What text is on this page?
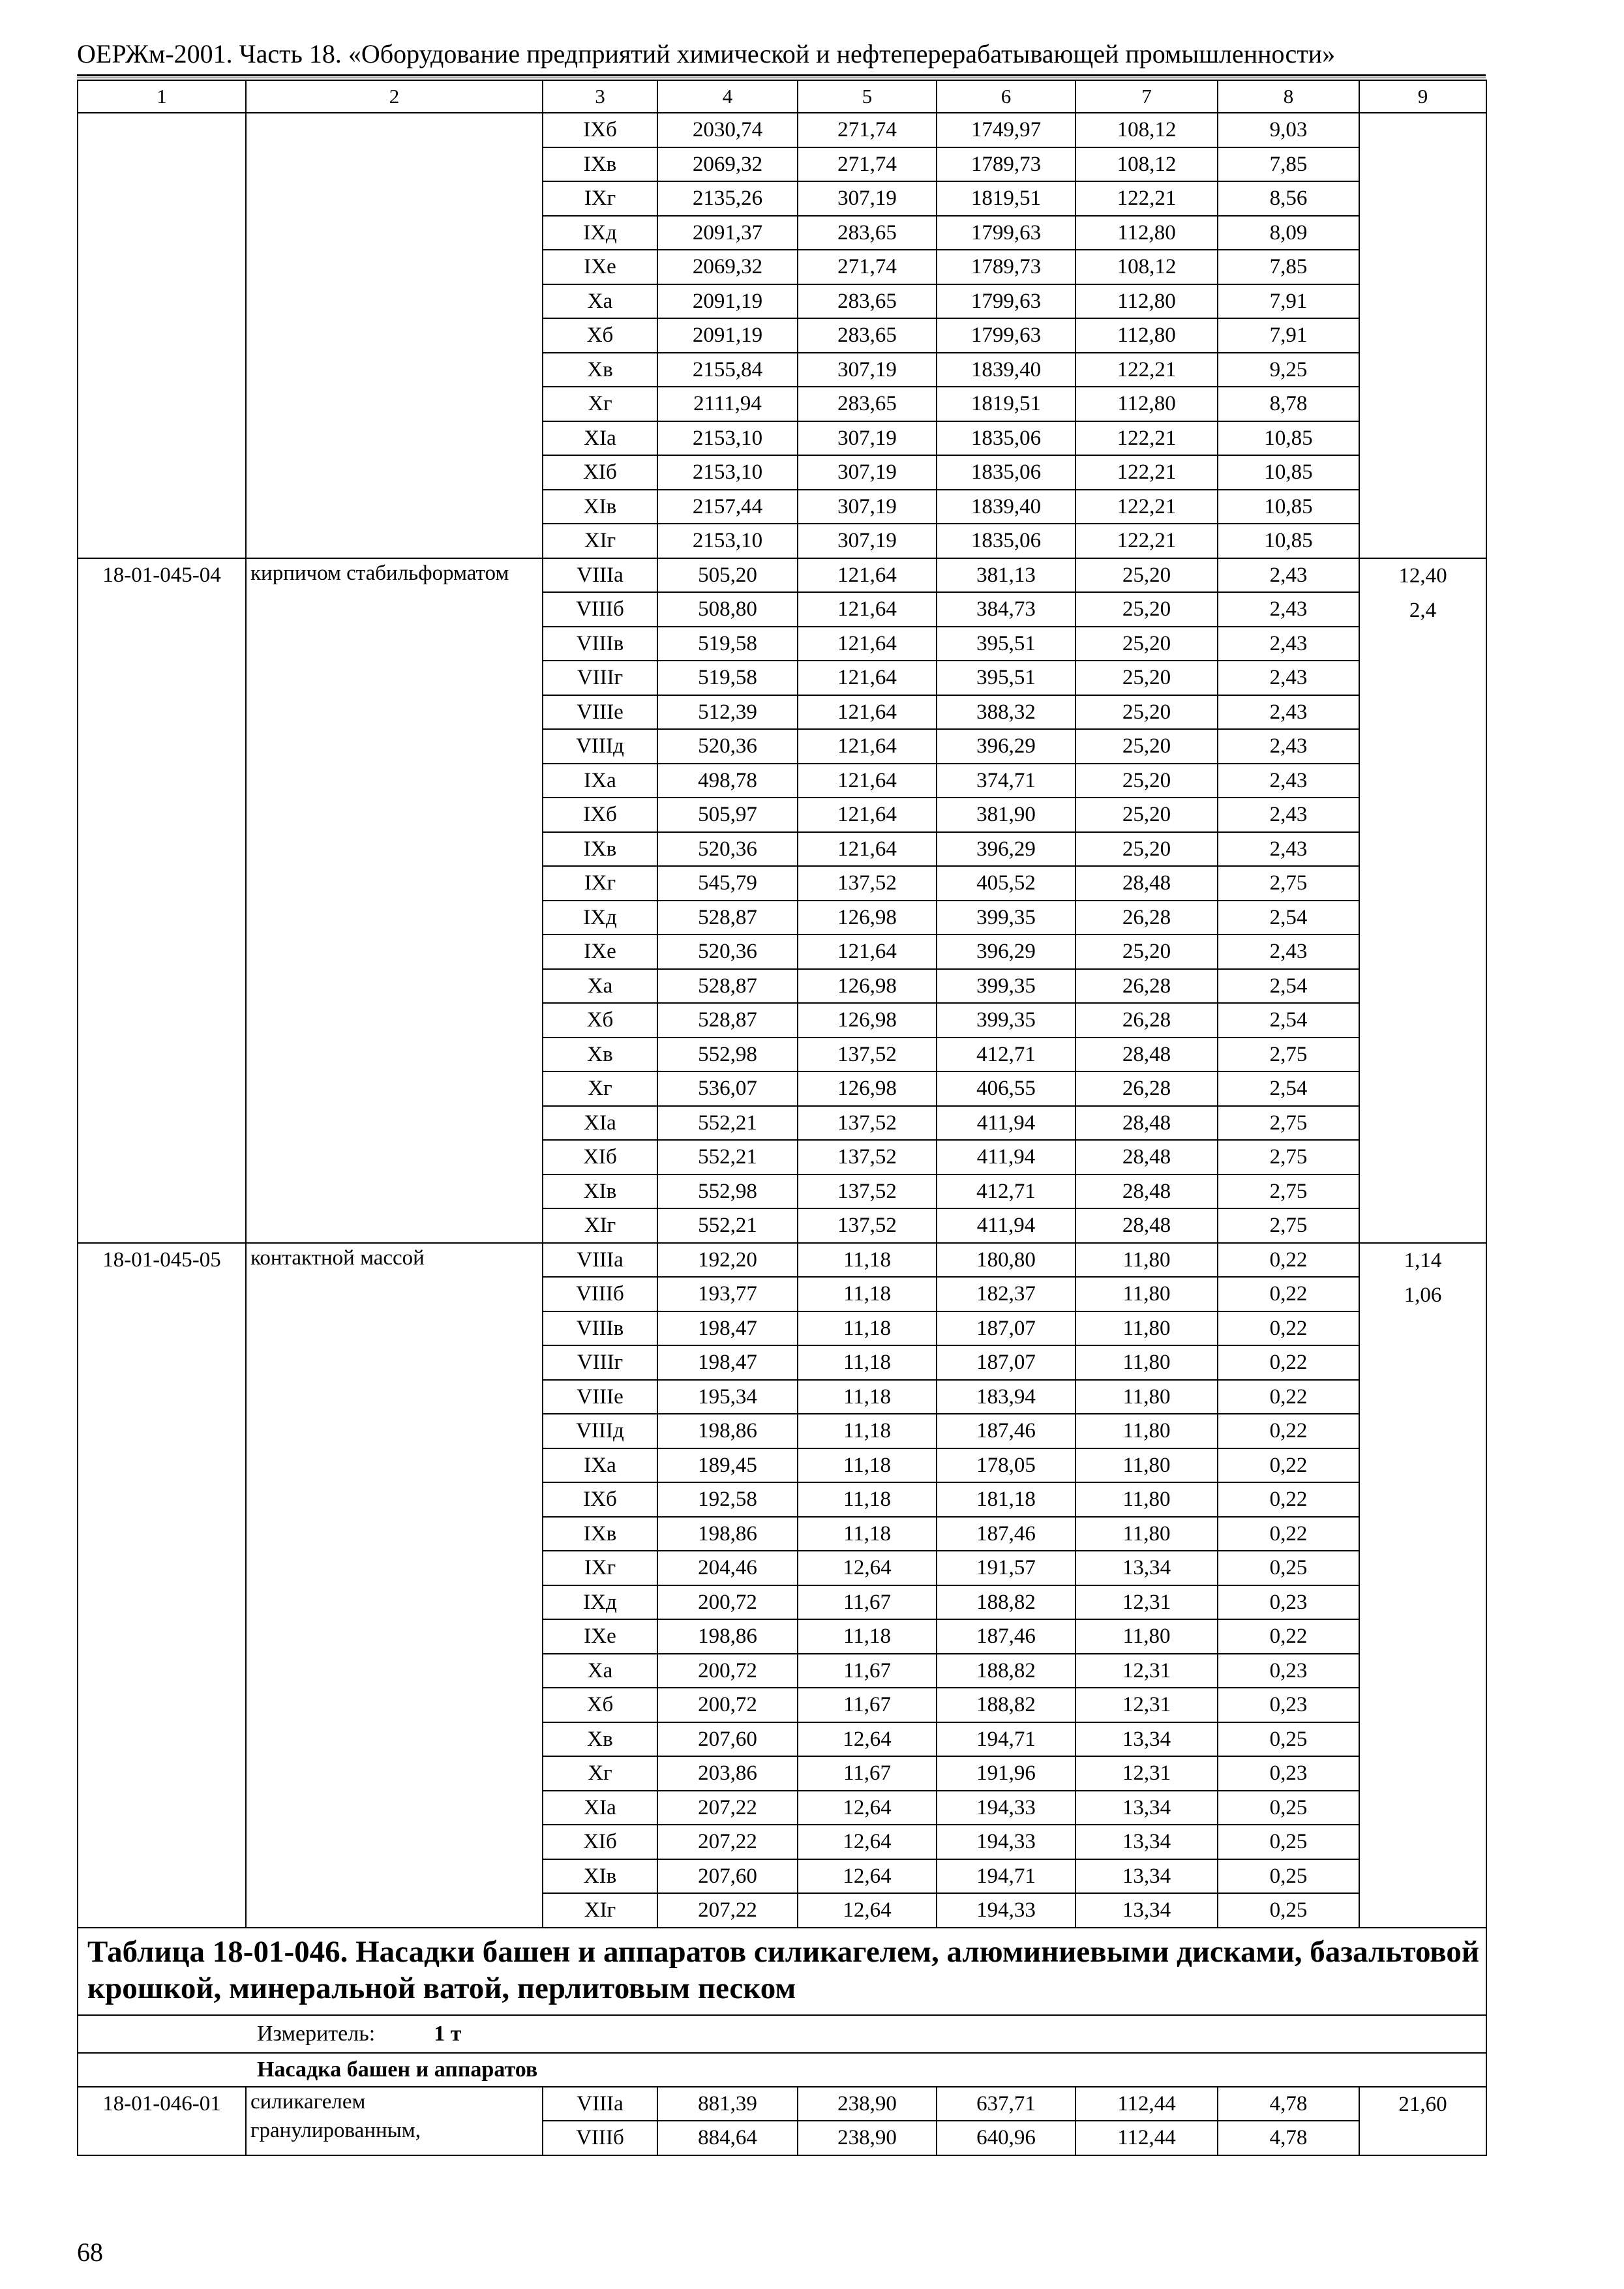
ОЕРЖм-2001. Часть 18. «Оборудование предприятий химической и нефтеперерабатывающей промышленности»
1	2	3	4	5	6	7	8	9
		IXб	2030,74	271,74	1749,97	108,12	9,03	
		IXв	2069,32	271,74	1789,73	108,12	7,85	
		IXг	2135,26	307,19	1819,51	122,21	8,56	
		IXд	2091,37	283,65	1799,63	112,80	8,09	
		IXе	2069,32	271,74	1789,73	108,12	7,85	
		Xа	2091,19	283,65	1799,63	112,80	7,91	
		Xб	2091,19	283,65	1799,63	112,80	7,91	
		Xв	2155,84	307,19	1839,40	122,21	9,25	
		Xг	2111,94	283,65	1819,51	112,80	8,78	
		XIа	2153,10	307,19	1835,06	122,21	10,85	
		XIб	2153,10	307,19	1835,06	122,21	10,85	
		XIв	2157,44	307,19	1839,40	122,21	10,85	
		XIг	2153,10	307,19	1835,06	122,21	10,85	
18-01-045-04	кирпичом стабильформатом	VIIIа	505,20	121,64	381,13	25,20	2,43	12,40
2,4

		VIIIб	508,80	121,64	384,73	25,20	2,43	
		VIIIв	519,58	121,64	395,51	25,20	2,43	
		VIIIг	519,58	121,64	395,51	25,20	2,43	
		VIIIе	512,39	121,64	388,32	25,20	2,43	
		VIIIд	520,36	121,64	396,29	25,20	2,43	
		IXа	498,78	121,64	374,71	25,20	2,43	
		IXб	505,97	121,64	381,90	25,20	2,43	
		IXв	520,36	121,64	396,29	25,20	2,43	
		IXг	545,79	137,52	405,52	28,48	2,75	
		IXд	528,87	126,98	399,35	26,28	2,54	
		IXе	520,36	121,64	396,29	25,20	2,43	
		Xа	528,87	126,98	399,35	26,28	2,54	
		Xб	528,87	126,98	399,35	26,28	2,54	
		Xв	552,98	137,52	412,71	28,48	2,75	
		Xг	536,07	126,98	406,55	26,28	2,54	
		XIа	552,21	137,52	411,94	28,48	2,75	
		XIб	552,21	137,52	411,94	28,48	2,75	
		XIв	552,98	137,52	412,71	28,48	2,75	
		XIг	552,21	137,52	411,94	28,48	2,75	
18-01-045-05	контактной массой	VIIIа	192,20	11,18	180,80	11,80	0,22	1,14
1,06

		VIIIб	193,77	11,18	182,37	11,80	0,22	
		VIIIв	198,47	11,18	187,07	11,80	0,22	
		VIIIг	198,47	11,18	187,07	11,80	0,22	
		VIIIе	195,34	11,18	183,94	11,80	0,22	
		VIIIд	198,86	11,18	187,46	11,80	0,22	
		IXа	189,45	11,18	178,05	11,80	0,22	
		IXб	192,58	11,18	181,18	11,80	0,22	
		IXв	198,86	11,18	187,46	11,80	0,22	
		IXг	204,46	12,64	191,57	13,34	0,25	
		IXд	200,72	11,67	188,82	12,31	0,23	
		IXе	198,86	11,18	187,46	11,80	0,22	
		Xа	200,72	11,67	188,82	12,31	0,23	
		Xб	200,72	11,67	188,82	12,31	0,23	
		Xв	207,60	12,64	194,71	13,34	0,25	
		Xг	203,86	11,67	191,96	12,31	0,23	
		XIа	207,22	12,64	194,33	13,34	0,25	
		XIб	207,22	12,64	194,33	13,34	0,25	
		XIв	207,60	12,64	194,71	13,34	0,25	
		XIг	207,22	12,64	194,33	13,34	0,25	
Таблица 18-01-046. Насадки башен и аппаратов силикагелем, алюминиевыми дисками, базальтовой крошкой, минеральной ватой, перлитовым песком								
Измеритель: 1 т								
Насадка башен и аппаратов								
18-01-046-01	силикагелем гранулированным,	VIIIа	881,39	238,90	637,71	112,44	4,78	21,60

		VIIIб	884,64	238,90	640,96	112,44	4,78	
68
